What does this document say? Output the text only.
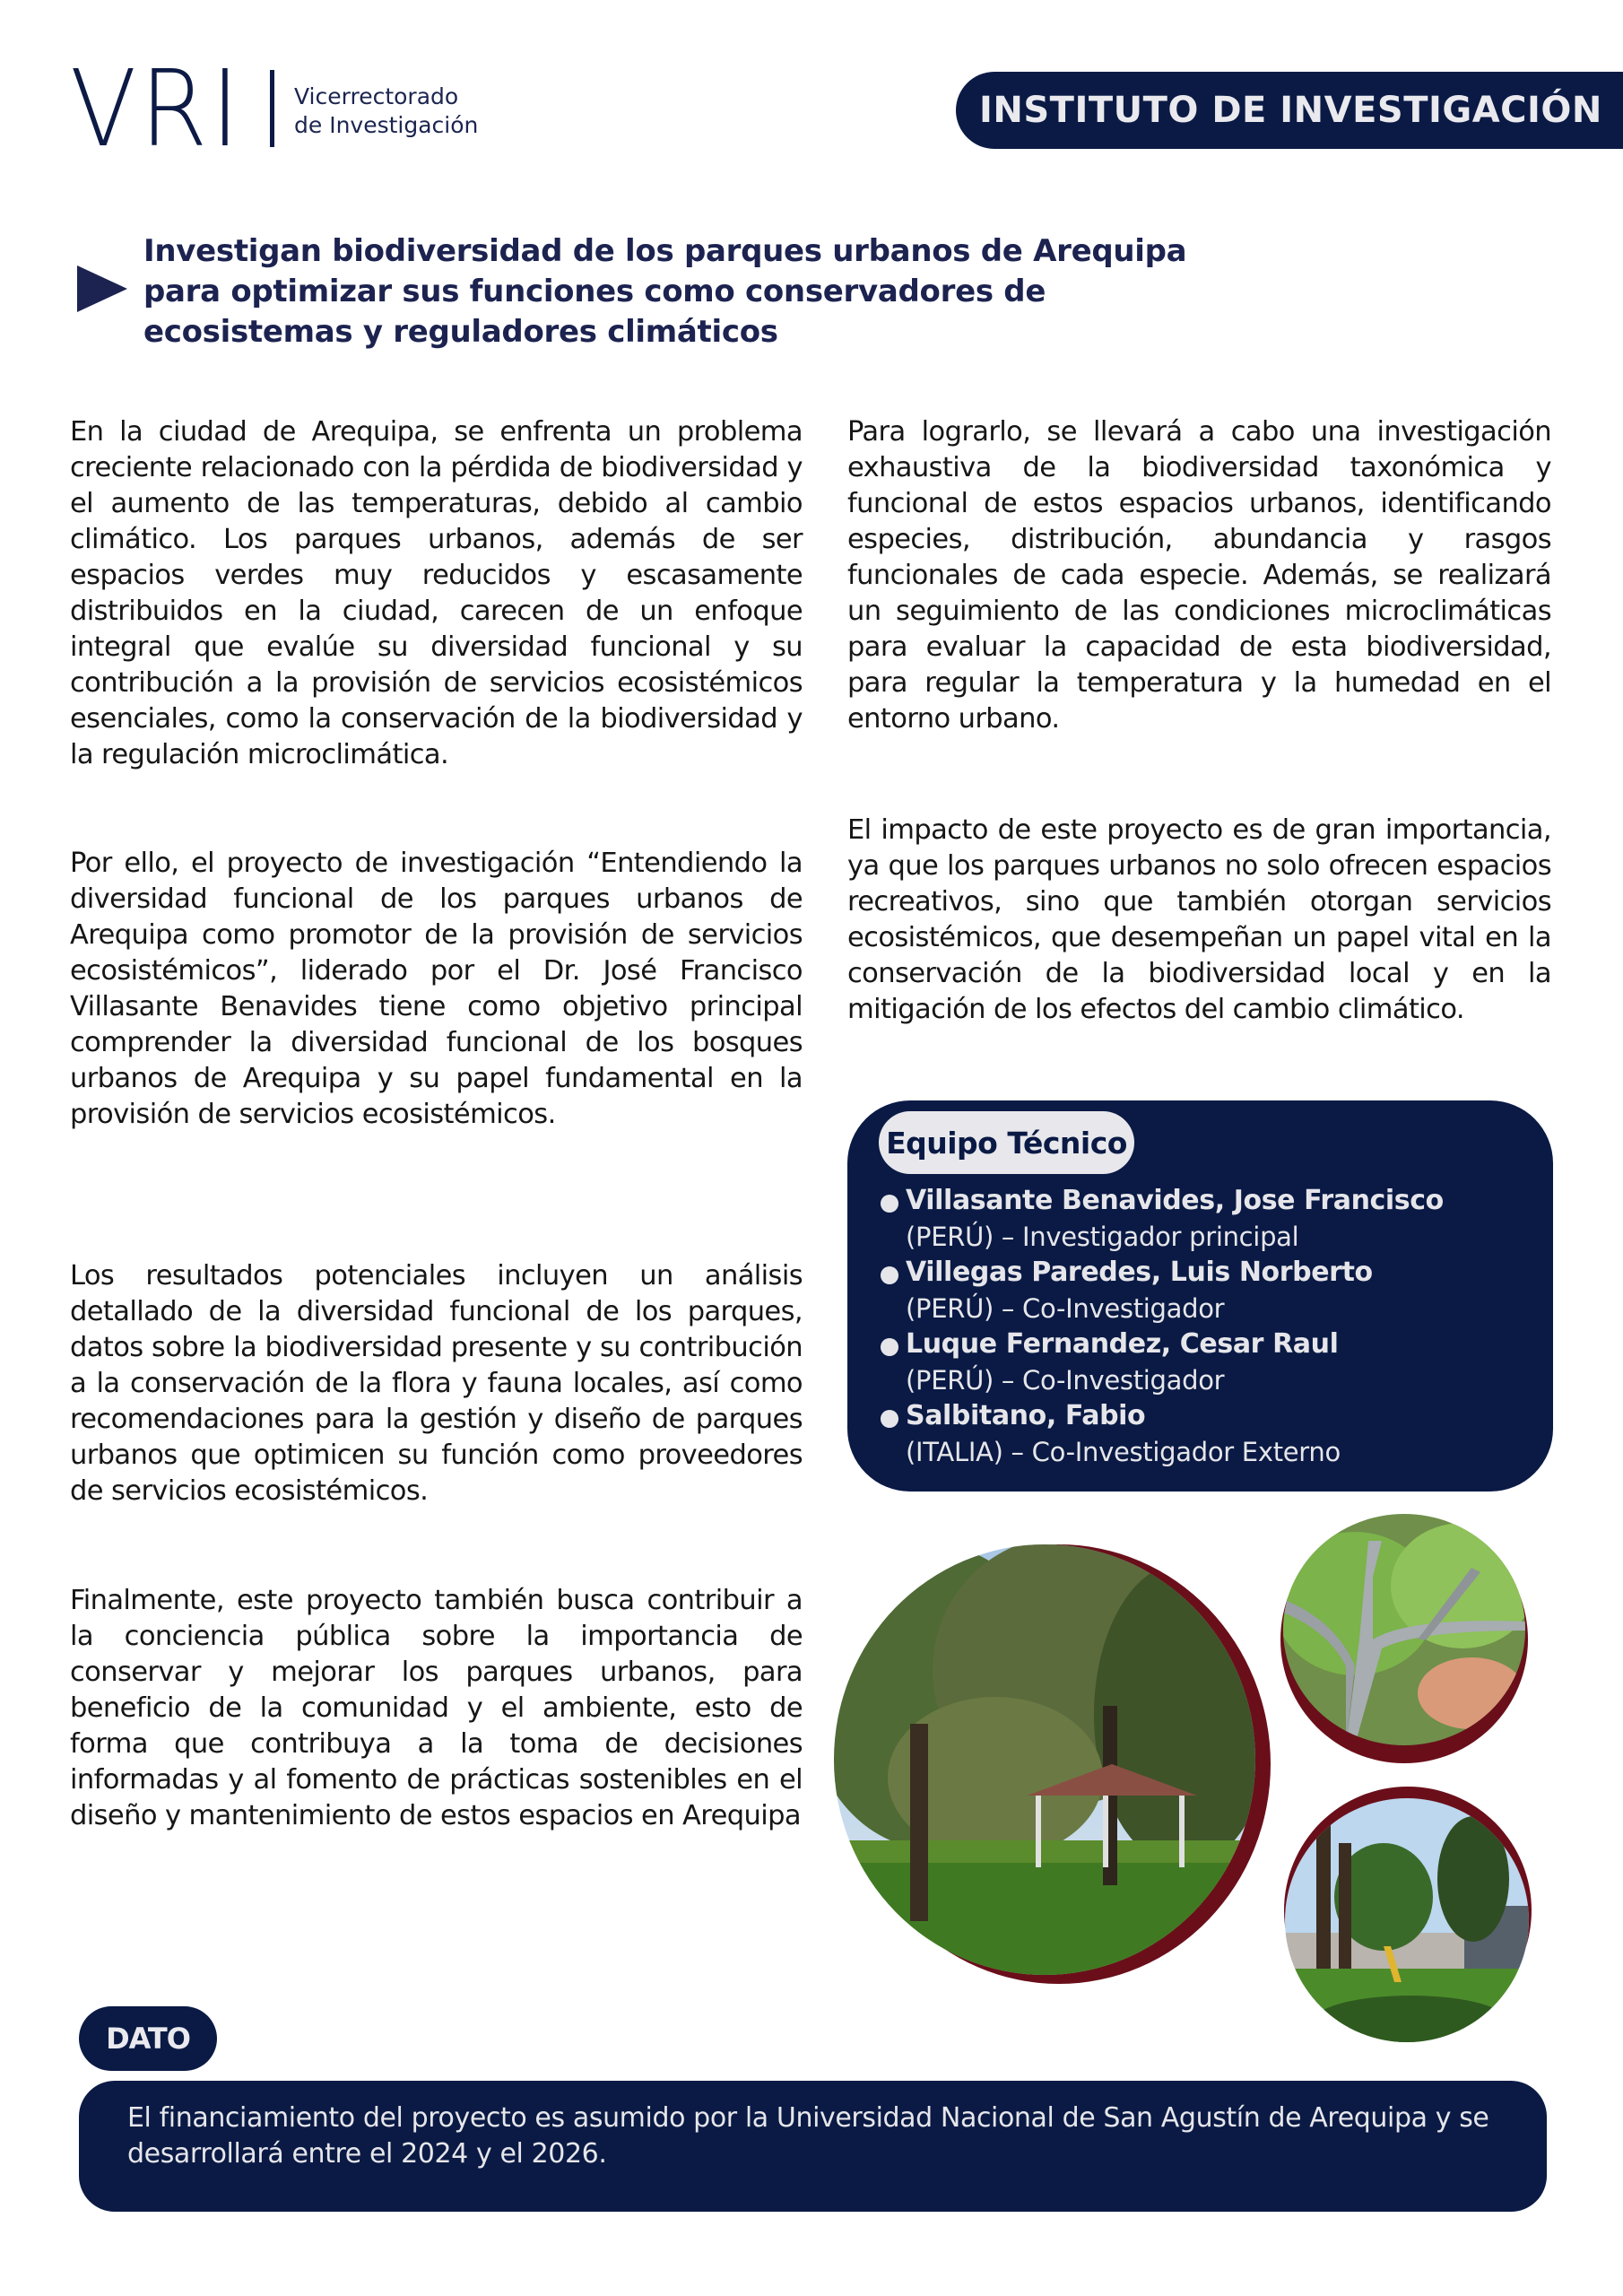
VRI Vicerrectorado
de Investigación	INSTITUTO DE INVESTIGACIÓN
Investigan biodiversidad de los parques urbanos de Arequipa
para optimizar sus funciones como conservadores de
ecosistemas y reguladores climáticos

En la ciudad de Arequipa, se enfrenta un problema creciente relacionado con la pérdida de biodiversidad y el aumento de las temperaturas, debido al cambio climático. Los parques urbanos, además de ser espacios verdes muy reducidos y escasamente distribuidos en la ciudad, carecen de un enfoque integral que evalúe su diversidad funcional y su contribución a la provisión de servicios ecosistémicos esenciales, como la conservación de la biodiversidad y la regulación microclimática.

Por ello, el proyecto de investigación “Entendiendo la diversidad funcional de los parques urbanos de Arequipa como promotor de la provisión de servicios ecosistémicos”, liderado por el Dr. José Francisco Villasante Benavides tiene como objetivo principal comprender la diversidad funcional de los bosques urbanos de Arequipa y su papel fundamental en la provisión de servicios ecosistémicos.

Los resultados potenciales incluyen un análisis detallado de la diversidad funcional de los parques, datos sobre la biodiversidad presente y su contribución a la conservación de la flora y fauna locales, así como recomendaciones para la gestión y diseño de parques urbanos que optimicen su función como proveedores de servicios ecosistémicos.

Finalmente, este proyecto también busca contribuir a la conciencia pública sobre la importancia de conservar y mejorar los parques urbanos, para beneficio de la comunidad y el ambiente, esto de forma que contribuya a la toma de decisiones informadas y al fomento de prácticas sostenibles en el diseño y mantenimiento de estos espacios en Arequipa

Para lograrlo, se llevará a cabo una investigación exhaustiva de la biodiversidad taxonómica y funcional de estos espacios urbanos, identificando especies, distribución, abundancia y rasgos funcionales de cada especie. Además, se realizará un seguimiento de las condiciones microclimáticas para evaluar la capacidad de esta biodiversidad, para regular la temperatura y la humedad en el entorno urbano.

El impacto de este proyecto es de gran importancia, ya que los parques urbanos no solo ofrecen espacios recreativos, sino que también otorgan servicios ecosistémicos, que desempeñan un papel vital en la conservación de la biodiversidad local y en la mitigación de los efectos del cambio climático.

Equipo Técnico
Villasante Benavides, Jose Francisco
(PERÚ) – Investigador principal
Villegas Paredes, Luis Norberto
(PERÚ) – Co-Investigador
Luque Fernandez, Cesar Raul
(PERÚ) – Co-Investigador
Salbitano, Fabio
(ITALIA) – Co-Investigador Externo
DATO

El financiamiento del proyecto es asumido por la Universidad Nacional de San Agustín de Arequipa y se desarrollará entre el 2024 y el 2026.
